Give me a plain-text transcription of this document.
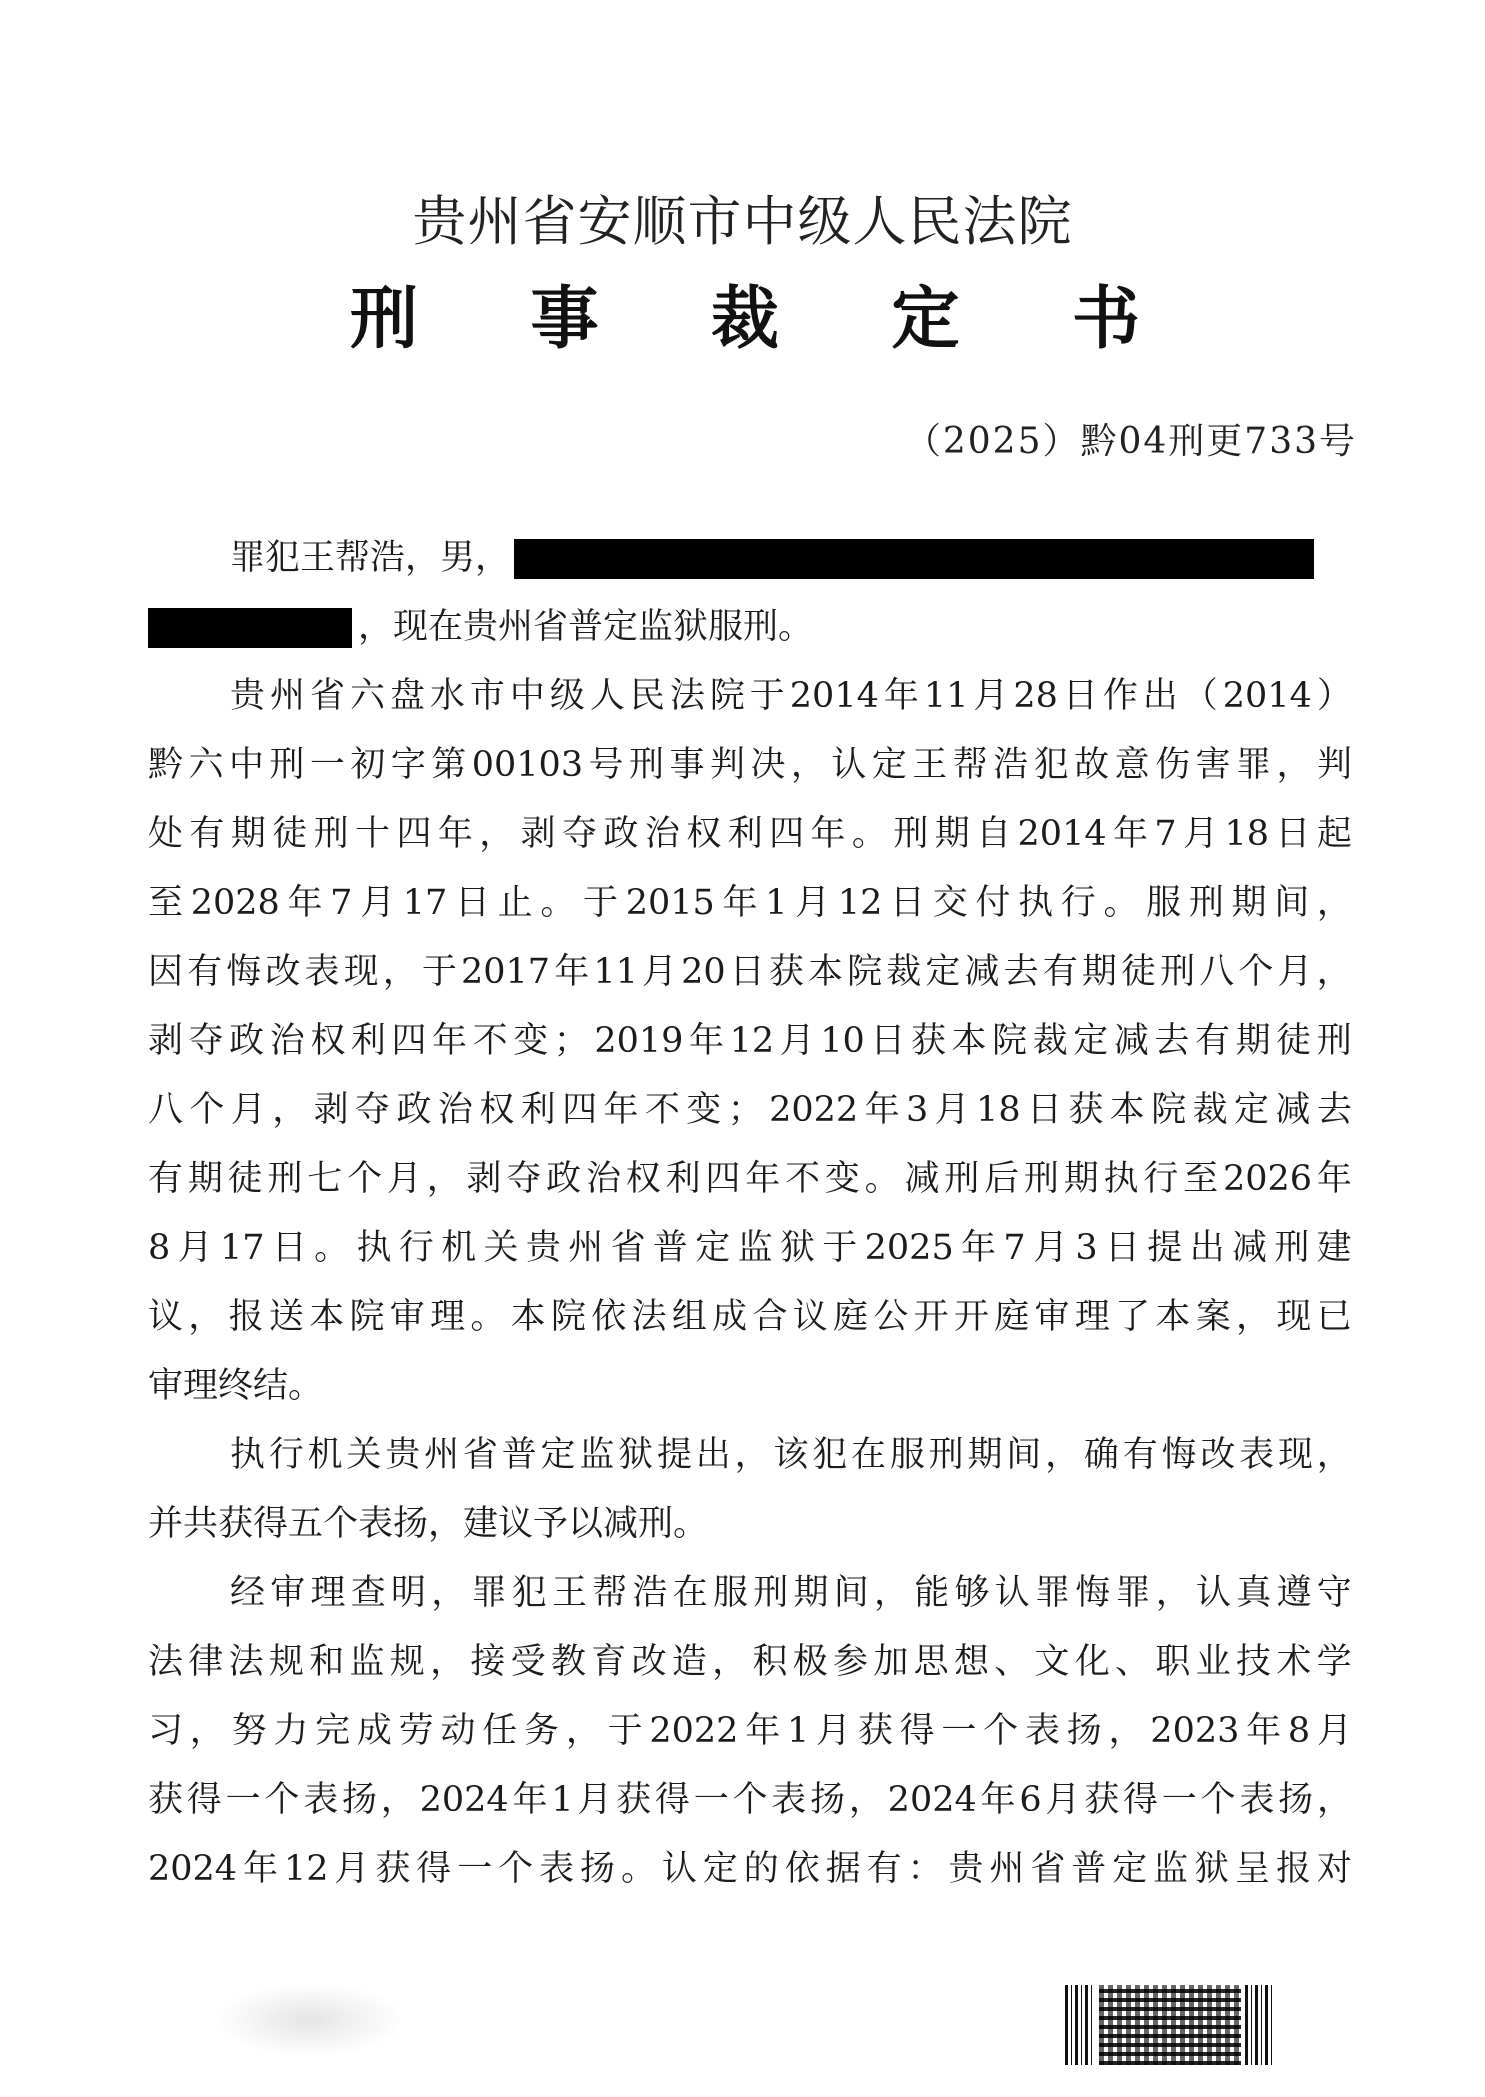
贵州省安顺市中级人民法院
刑 事 裁 定 书
（2025）黔04刑更733号
罪犯王帮浩，男，
，现在贵州省普定监狱服刑。
贵 州 省 六 盘 水 市 中 级 人 民 法 院 于 2014 年 11 月 28 日 作 出 （ 2014 ）
黔 六 中 刑 一 初 字 第 00103 号 刑 事 判 决 ， 认 定 王 帮 浩 犯 故 意 伤 害 罪 ， 判
处 有 期 徒 刑 十 四 年 ， 剥 夺 政 治 权 利 四 年 。 刑 期 自 2014 年 7 月 18 日 起
至 2028 年 7 月 17 日 止 。 于 2015 年 1 月 12 日 交 付 执 行 。 服 刑 期 间 ，
因 有 悔 改 表 现 ， 于 2017 年 11 月 20 日 获 本 院 裁 定 减 去 有 期 徒 刑 八 个 月 ，
剥 夺 政 治 权 利 四 年 不 变 ； 2019 年 12 月 10 日 获 本 院 裁 定 减 去 有 期 徒 刑
八 个 月 ， 剥 夺 政 治 权 利 四 年 不 变 ； 2022 年 3 月 18 日 获 本 院 裁 定 减 去
有 期 徒 刑 七 个 月 ， 剥 夺 政 治 权 利 四 年 不 变 。 减 刑 后 刑 期 执 行 至 2026 年
8 月 17 日 。 执 行 机 关 贵 州 省 普 定 监 狱 于 2025 年 7 月 3 日 提 出 减 刑 建
议 ， 报 送 本 院 审 理 。 本 院 依 法 组 成 合 议 庭 公 开 开 庭 审 理 了 本 案 ， 现 已
审理终结。
执 行 机 关 贵 州 省 普 定 监 狱 提 出 ， 该 犯 在 服 刑 期 间 ， 确 有 悔 改 表 现 ，
并共获得五个表扬，建议予以减刑。
经 审 理 查 明 ， 罪 犯 王 帮 浩 在 服 刑 期 间 ， 能 够 认 罪 悔 罪 ， 认 真 遵 守
法 律 法 规 和 监 规 ， 接 受 教 育 改 造 ， 积 极 参 加 思 想 、 文 化 、 职 业 技 术 学
习 ， 努 力 完 成 劳 动 任 务 ， 于 2022 年 1 月 获 得 一 个 表 扬 ， 2023 年 8 月
获 得 一 个 表 扬 ， 2024 年 1 月 获 得 一 个 表 扬 ， 2024 年 6 月 获 得 一 个 表 扬 ，
2024 年 12 月 获 得 一 个 表 扬 。 认 定 的 依 据 有 ： 贵 州 省 普 定 监 狱 呈 报 对
